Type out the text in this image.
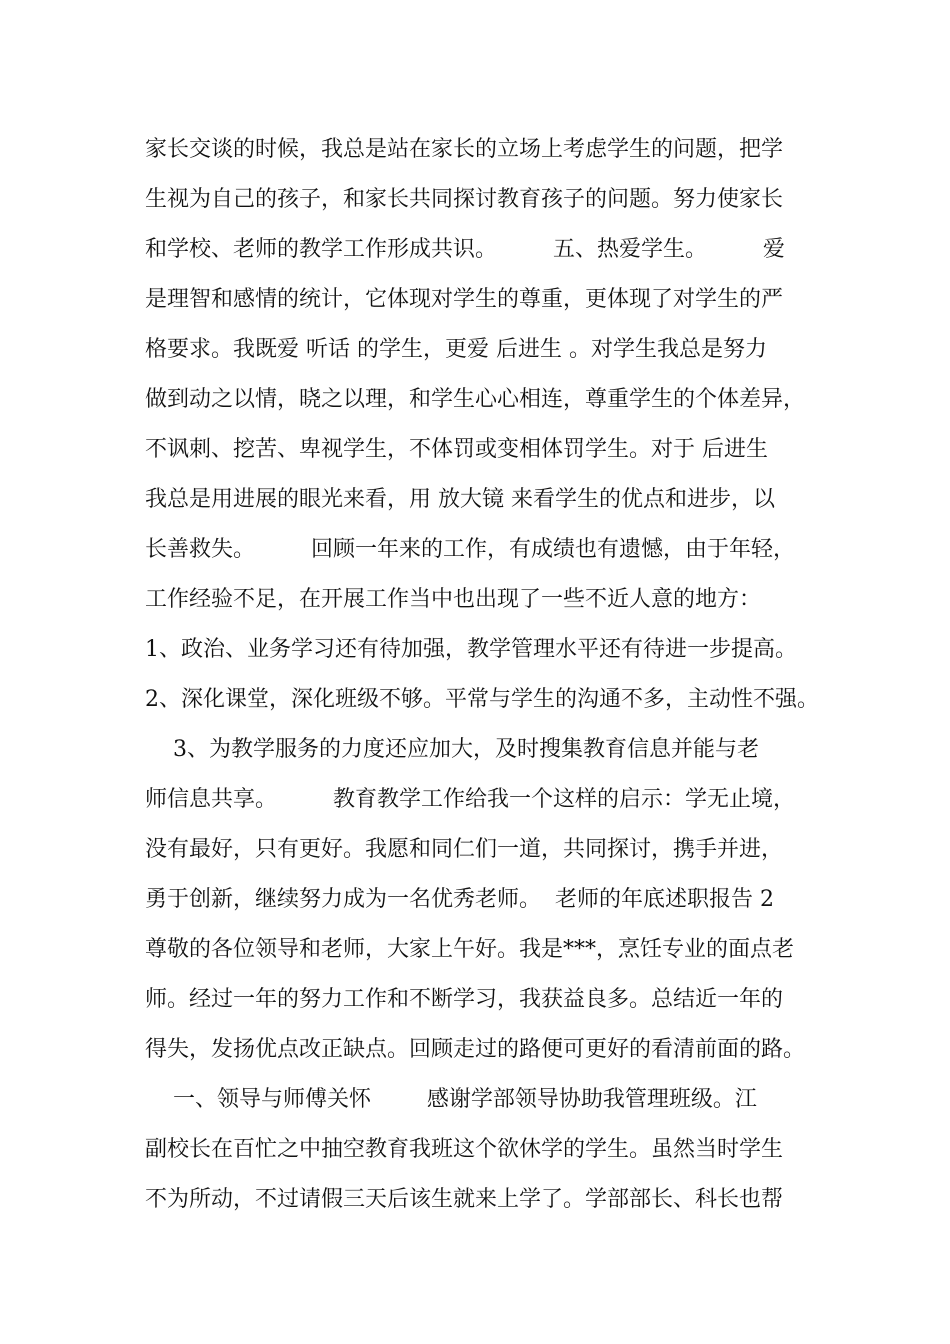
家长交谈的时候，我总是站在家长的立场上考虑学生的问题，把学
生视为自己的孩子，和家长共同探讨教育孩子的问题。努力使家长
和学校、老师的教学工作形成共识。        五、热爱学生。        爱
是理智和感情的统计，它体现对学生的尊重，更体现了对学生的严
格要求。我既爱 听话 的学生，更爱 后进生 。对学生我总是努力
做到动之以情，晓之以理，和学生心心相连，尊重学生的个体差异，
不讽刺、挖苦、卑视学生，不体罚或变相体罚学生。对于 后进生
我总是用进展的眼光来看，用 放大镜 来看学生的优点和进步，以
长善救失。        回顾一年来的工作，有成绩也有遗憾，由于年轻，
工作经验不足，在开展工作当中也出现了一些不近人意的地方：
1、政治、业务学习还有待加强，教学管理水平还有待进一步提高。
2、深化课堂，深化班级不够。平常与学生的沟通不多，主动性不强。
3、为教学服务的力度还应加大，及时搜集教育信息并能与老
师信息共享。        教育教学工作给我一个这样的启示：学无止境，
没有最好，只有更好。我愿和同仁们一道，共同探讨，携手并进，
勇于创新，继续努力成为一名优秀老师。  老师的年底述职报告 2
尊敬的各位领导和老师，大家上午好。我是***，烹饪专业的面点老
师。经过一年的努力工作和不断学习，我获益良多。总结近一年的
得失，发扬优点改正缺点。回顾走过的路便可更好的看清前面的路。
一、领导与师傅关怀        感谢学部领导协助我管理班级。江
副校长在百忙之中抽空教育我班这个欲休学的学生。虽然当时学生
不为所动，不过请假三天后该生就来上学了。学部部长、科长也帮
